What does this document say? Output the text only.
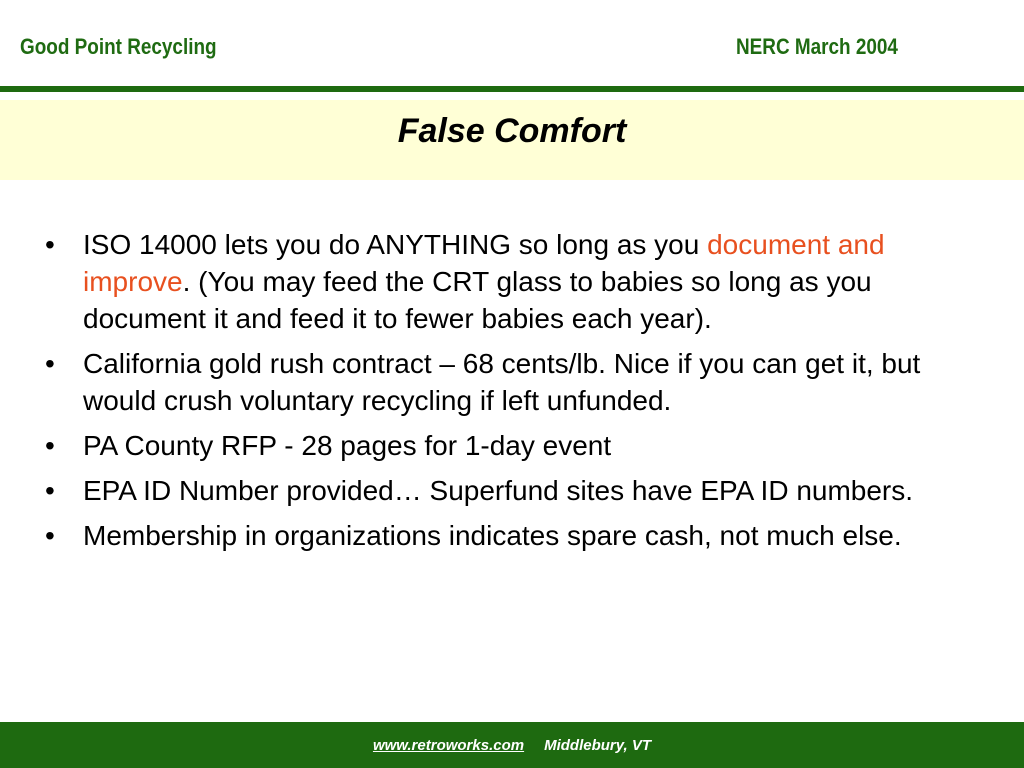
Good Point Recycling	NERC March 2004
False Comfort
• ISO 14000 lets you do ANYTHING so long as you document and improve. (You may feed the CRT glass to babies so long as you document it and feed it to fewer babies each year).
• California gold rush contract – 68 cents/lb. Nice if you can get it, but would crush voluntary recycling if left unfunded.
• PA County RFP - 28 pages for 1-day event
• EPA ID Number provided… Superfund sites have EPA ID numbers.
• Membership in organizations indicates spare cash, not much else.
www.retroworks.com Middlebury, VT
